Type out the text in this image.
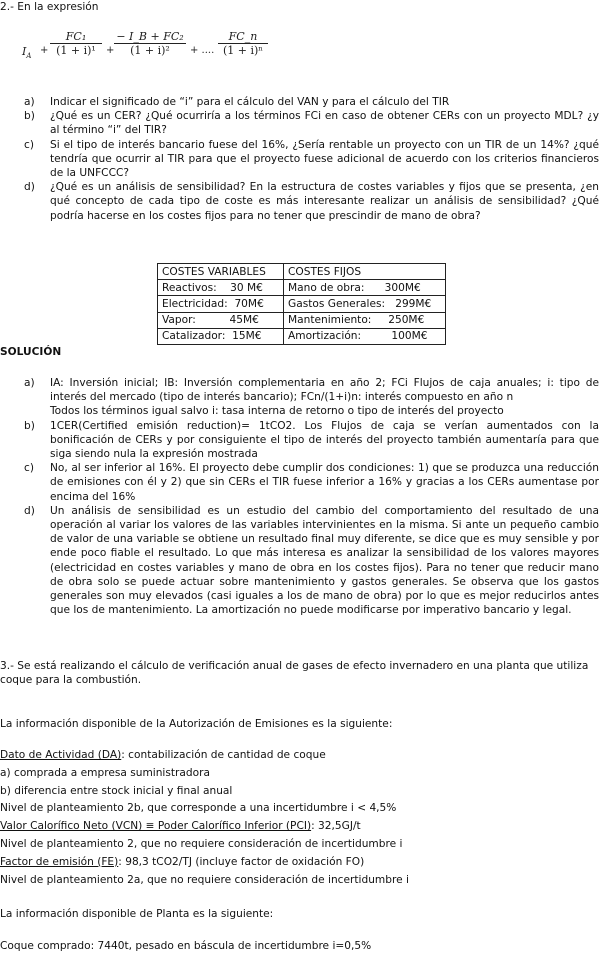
2.- En la expresión
$I_A$
+ $\frac{\text{FC₁}}{\text{(1 + i)¹}} + \frac{\text{− I\_B + FC₂}}{\text{(1 + i)²}}$ + .... $\frac{FC\_n}{\text{(1 + i)ⁿ}}$

a) Indicar el significado de “i” para el cálculo del VAN y para el cálculo del TIR

b) ¿Qué es un CER? ¿Qué ocurriría a los términos FCi en caso de obtener CERs con un proyecto MDL? ¿y al término “i” del TIR?

c) Si el tipo de interés bancario fuese del 16%, ¿Sería rentable un proyecto con un TIR de un 14%? ¿qué tendría que ocurrir al TIR para que el proyecto fuese adicional de acuerdo con los criterios financieros de la UNFCCC?

d) ¿Qué es un análisis de sensibilidad? En la estructura de costes variables y fijos que se presenta, ¿en qué concepto de cada tipo de coste es más interesante realizar un análisis de sensibilidad? ¿Qué podría hacerse en los costes fijos para no tener que prescindir de mano de obra?

COSTES VARIABLES	COSTES FIJOS
Reactivos:    30 M€	Mano de obra:      300M€
Electricidad:  70M€	Gastos Generales:   299M€
Vapor:          45M€	Mantenimiento:     250M€
Catalizador:  15M€	Amortización:         100M€
SOLUCIÓN
a) IA: Inversión inicial; IB: Inversión complementaria en año 2; FCi Flujos de caja anuales; i: tipo de interés del mercado (tipo de interés bancario); FCn/(1+i)n: interés compuesto en año n
Todos los términos igual salvo i: tasa interna de retorno o tipo de interés del proyecto
b) 1CER(Certified emisión reduction)= 1tCO2. Los Flujos de caja se verían aumentados con la bonificación de CERs y por consiguiente el tipo de interés del proyecto también aumentaría para que siga siendo nula la expresión mostrada
c) No, al ser inferior al 16%. El proyecto debe cumplir dos condiciones: 1) que se produzca una reducción de emisiones con él y 2) que sin CERs el TIR fuese inferior a 16% y gracias a los CERs aumentase por encima del 16%
d) Un análisis de sensibilidad es un estudio del cambio del comportamiento del resultado de una operación al variar los valores de las variables intervinientes en la misma. Si ante un pequeño cambio de valor de una variable se obtiene un resultado final muy diferente, se dice que es muy sensible y por ende poco fiable el resultado. Lo que más interesa es analizar la sensibilidad de los valores mayores (electricidad en costes variables y mano de obra en los costes fijos). Para no tener que reducir mano de obra solo se puede actuar sobre mantenimiento y gastos generales. Se observa que los gastos generales son muy elevados (casi iguales a los de mano de obra) por lo que es mejor reducirlos antes que los de mantenimiento. La amortización no puede modificarse por imperativo bancario y legal.
3.- Se está realizando el cálculo de verificación anual de gases de efecto invernadero en una planta que utiliza coque para la combustión.
La información disponible de la Autorización de Emisiones es la siguiente:
Dato de Actividad (DA): contabilización de cantidad de coque
a) comprada a empresa suministradora
b) diferencia entre stock inicial y final anual
Nivel de planteamiento 2b, que corresponde a una incertidumbre i < 4,5%
Valor Calorífico Neto (VCN) ≡ Poder Calorífico Inferior (PCI): 32,5GJ/t
Nivel de planteamiento 2, que no requiere consideración de incertidumbre i
Factor de emisión (FE): 98,3 tCO2/TJ (incluye factor de oxidación FO)
Nivel de planteamiento 2a, que no requiere consideración de incertidumbre i
La información disponible de Planta es la siguiente:
Coque comprado: 7440t, pesado en báscula de incertidumbre i=0,5%
